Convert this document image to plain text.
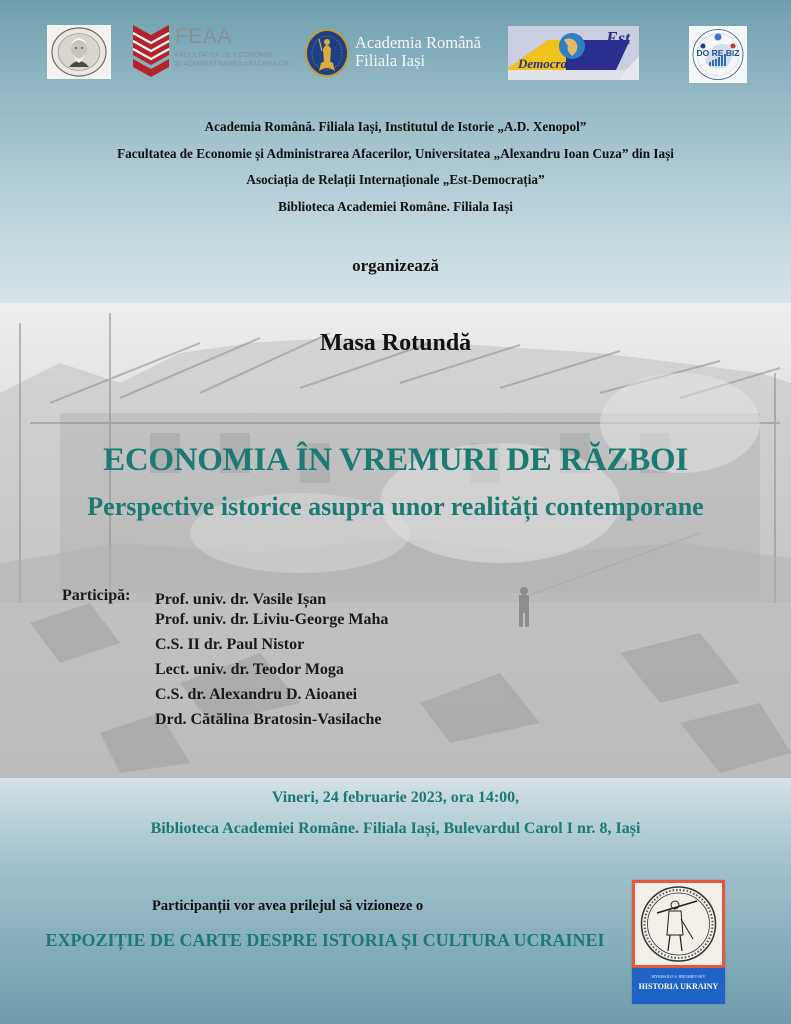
FEAA
FACULTATEA DE ECONOMIE
ȘI ADMINISTRAREA AFACERILOR
Academia Română
Filiala Iași
Est
Democratia
DO RE BIZ
Academia Română. Filiala Iași, Institutul de Istorie „A.D. Xenopol”
Facultatea de Economie și Administrarea Afacerilor, Universitatea „Alexandru Ioan Cuza” din Iași
Asociația de Relații Internaționale „Est-Democrația”
Biblioteca Academiei Române. Filiala Iași
organizează
Masa Rotundă
ECONOMIA ÎN VREMURI DE RĂZBOI
Perspective istorice asupra unor realități contemporane
Participă: Prof. univ. dr. Vasile Ișan
Prof. univ. dr. Liviu-George Maha
C.S. II dr. Paul Nistor
Lect. univ. dr. Teodor Moga
C.S. dr. Alexandru D. Aioanei
Drd. Cătălina Bratosin-Vasilache
Vineri, 24 februarie 2023, ora 14:00,
Biblioteca Academiei Române. Filiala Iași, Bulevardul Carol I nr. 8, Iași
Participanții vor avea prilejul să vizioneze o
EXPOZIȚIE DE CARTE DESPRE ISTORIA ȘI CULTURA UCRAINEI
MYKHAILO S. HRUSHEVSKY
HISTORIA UKRAINY
